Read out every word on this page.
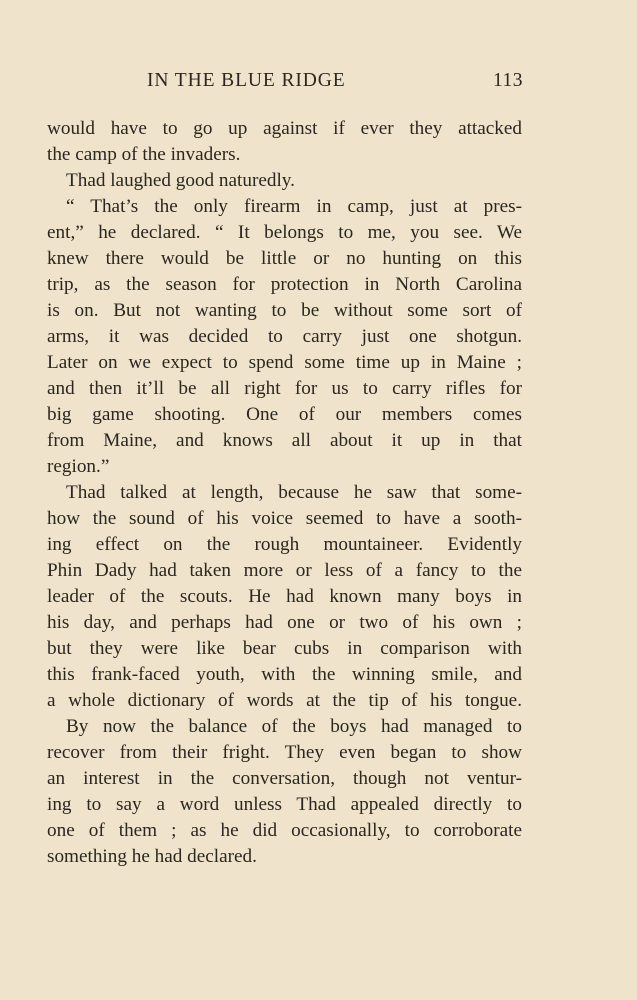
IN THE BLUE RIDGE	113
would have to go up against if ever they attacked
the camp of the invaders.
Thad laughed good naturedly.
“ That’s the only firearm in camp, just at pres-
ent,” he declared. “ It belongs to me, you see. We
knew there would be little or no hunting on this
trip, as the season for protection in North Carolina
is on. But not wanting to be without some sort of
arms, it was decided to carry just one shotgun.
Later on we expect to spend some time up in Maine ;
and then it’ll be all right for us to carry rifles for
big game shooting. One of our members comes
from Maine, and knows all about it up in that
region.”
Thad talked at length, because he saw that some-
how the sound of his voice seemed to have a sooth-
ing effect on the rough mountaineer. Evidently
Phin Dady had taken more or less of a fancy to the
leader of the scouts. He had known many boys in
his day, and perhaps had one or two of his own ;
but they were like bear cubs in comparison with
this frank-faced youth, with the winning smile, and
a whole dictionary of words at the tip of his tongue.
By now the balance of the boys had managed to
recover from their fright. They even began to show
an interest in the conversation, though not ventur-
ing to say a word unless Thad appealed directly to
one of them ; as he did occasionally, to corroborate
something he had declared.
